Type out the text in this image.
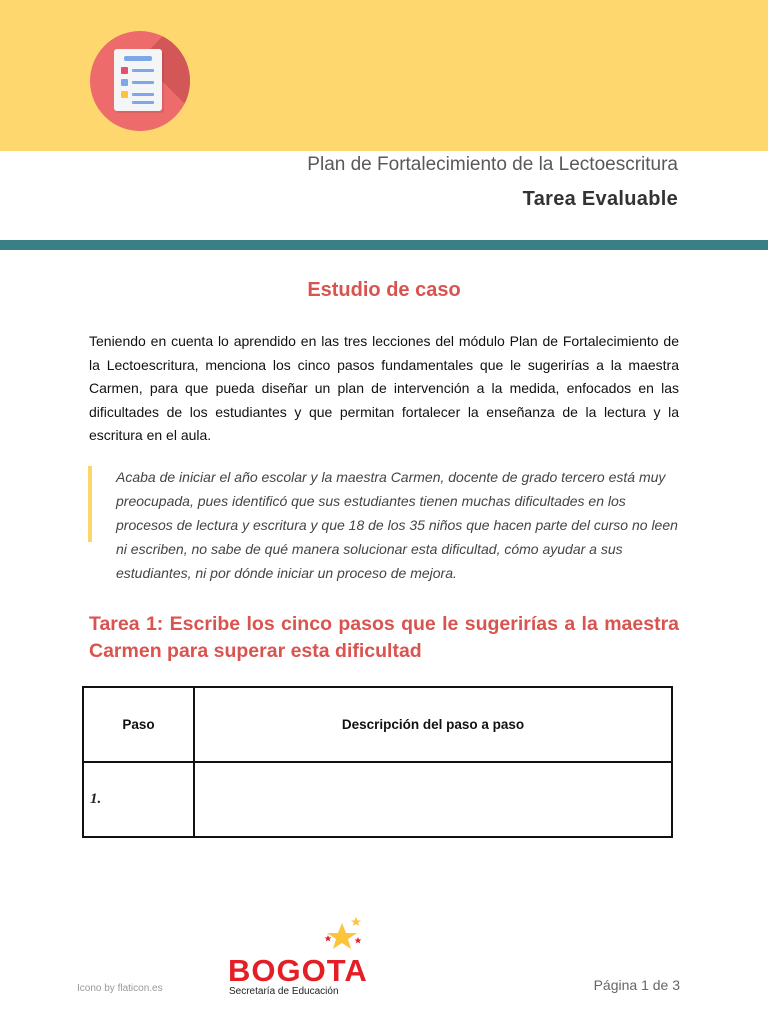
Plan de Fortalecimiento de la Lectoescritura
Tarea Evaluable
Estudio de caso

Teniendo en cuenta lo aprendido en las tres lecciones del módulo Plan de Fortalecimiento de la Lectoescritura, menciona los cinco pasos fundamentales que le sugerirías a la maestra Carmen, para que pueda diseñar un plan de intervención a la medida, enfocados en las dificultades de los estudiantes y que permitan fortalecer la enseñanza de la lectura y la escritura en el aula.

Acaba de iniciar el año escolar y la maestra Carmen, docente de grado tercero está muy preocupada, pues identificó que sus estudiantes tienen muchas dificultades en los procesos de lectura y escritura y que 18 de los 35 niños que hacen parte del curso no leen ni escriben, no sabe de qué manera solucionar esta dificultad, cómo ayudar a sus estudiantes, ni por dónde iniciar un proceso de mejora.

Tarea 1: Escribe los cinco pasos que le sugerirías a la maestra Carmen para superar esta dificultad
Paso	Descripción del paso a paso
1.	
Icono by flaticon.es
BOGOTA
Secretaría de Educación	Página 1 de 3
